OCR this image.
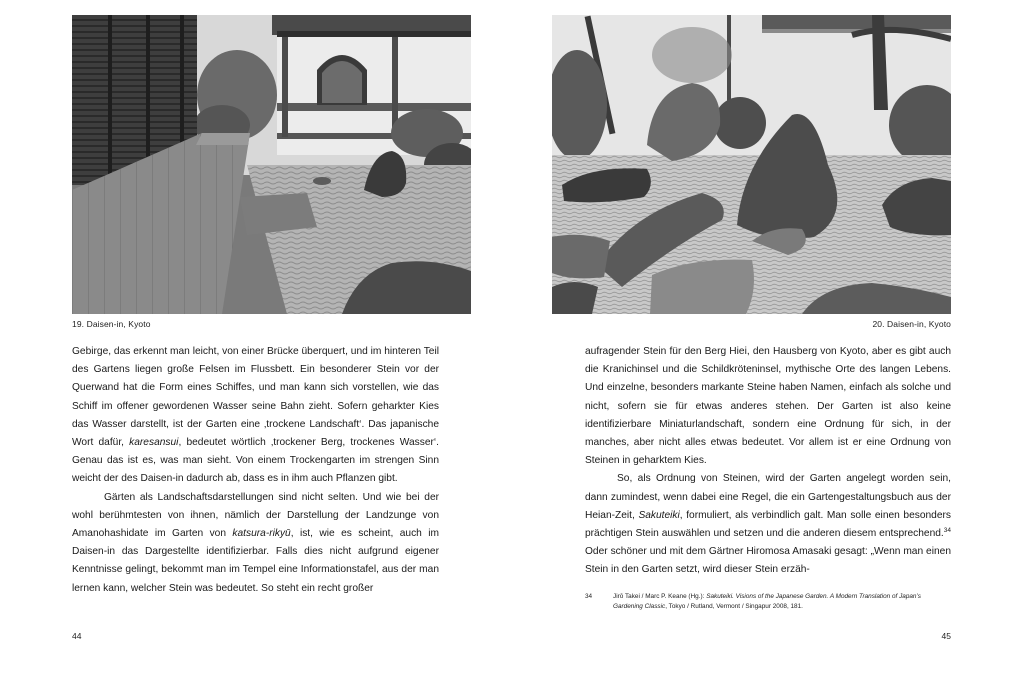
19. Daisen-in, Kyoto

Gebirge, das erkennt man leicht, von einer Brücke überquert, und im hinteren Teil des Gartens liegen große Felsen im Flussbett. Ein besonderer Stein vor der Querwand hat die Form eines Schiffes, und man kann sich vorstellen, wie das Schiff im offener gewordenen Wasser seine Bahn zieht. Sofern geharkter Kies das Wasser darstellt, ist der Garten eine ‚trockene Landschaft‘. Das japanische Wort dafür, karesansui, bedeutet wörtlich ‚trockener Berg, trockenes Wasser‘. Genau das ist es, was man sieht. Von einem Trockengarten im strengen Sinn weicht der des Daisen-in dadurch ab, dass es in ihm auch Pflanzen gibt.

Gärten als Landschaftsdarstellungen sind nicht selten. Und wie bei der wohl berühmtesten von ihnen, nämlich der Darstellung der Landzunge von Amanohashidate im Garten von katsura-rikyū, ist, wie es scheint, auch im Daisen-in das Dargestellte identifizierbar. Falls dies nicht aufgrund eigener Kenntnisse gelingt, bekommt man im Tempel eine Informationstafel, aus der man lernen kann, welcher Stein was bedeutet. So steht ein recht großer

44
20. Daisen-in, Kyoto

aufragender Stein für den Berg Hiei, den Hausberg von Kyoto, aber es gibt auch die Kranichinsel und die Schildkröteninsel, mythische Orte des langen Lebens. Und einzelne, besonders markante Steine haben Namen, einfach als solche und nicht, sofern sie für etwas anderes stehen. Der Garten ist also keine identifizierbare Miniaturlandschaft, sondern eine Ordnung für sich, in der manches, aber nicht alles etwas bedeutet. Vor allem ist er eine Ordnung von Steinen in geharktem Kies.

So, als Ordnung von Steinen, wird der Garten angelegt worden sein, dann zumindest, wenn dabei eine Regel, die ein Gartengestaltungsbuch aus der Heian-Zeit, Sakuteiki, formuliert, als verbindlich galt. Man solle einen besonders prächtigen Stein auswählen und setzen und die anderen diesem entsprechend.$^{34}$ Oder schöner und mit dem Gärtner Hiromosa Amasaki gesagt: „Wenn man einen Stein in den Garten setzt, wird dieser Stein erzäh-

34	Jirō Takei / Marc P. Keane (Hg.): Sakuteiki. Visions of the Japanese Garden. A Modern Translation of Japan’s Gardening Classic, Tokyo / Rutland, Vermont / Singapur 2008, 181.
45
